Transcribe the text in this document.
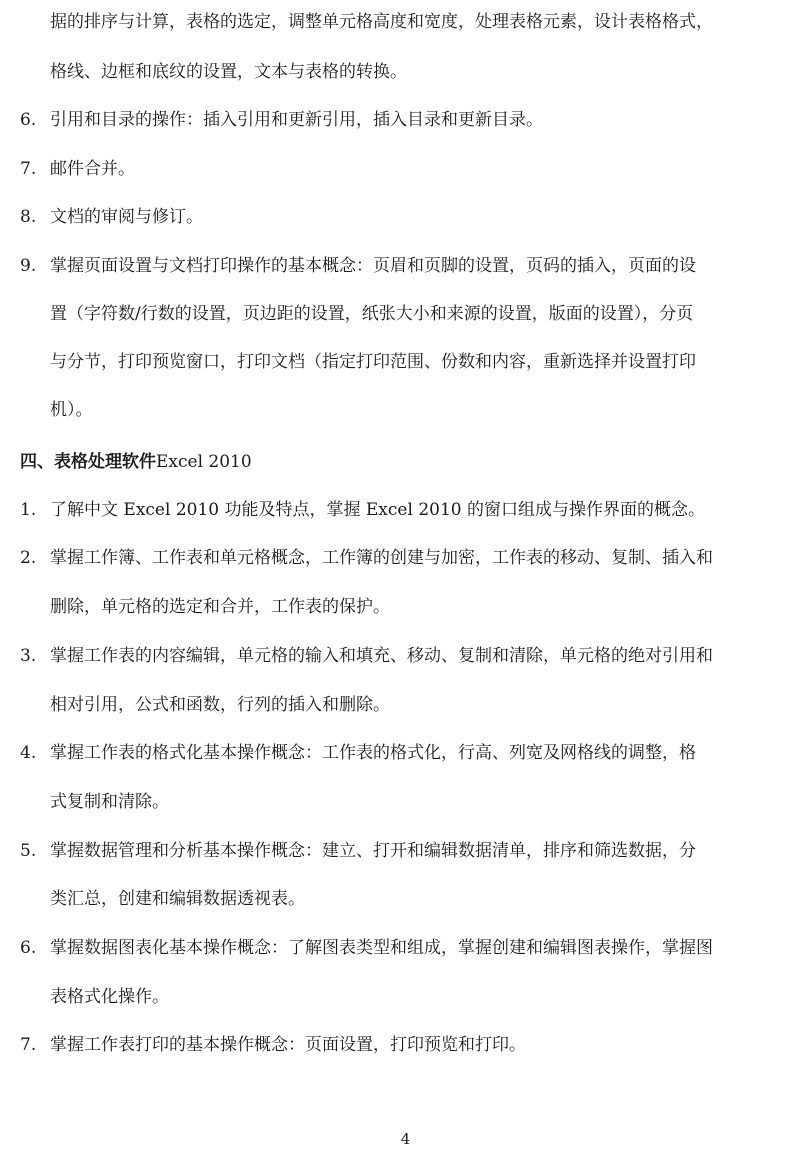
据的排序与计算，表格的选定，调整单元格高度和宽度，处理表格元素，设计表格格式，
格线、边框和底纹的设置，文本与表格的转换。
6. 引用和目录的操作：插入引用和更新引用，插入目录和更新目录。
7. 邮件合并。
8. 文档的审阅与修订。
9. 掌握页面设置与文档打印操作的基本概念：页眉和页脚的设置，页码的插入，页面的设
置（字符数/行数的设置，页边距的设置，纸张大小和来源的设置，版面的设置），分页
与分节，打印预览窗口，打印文档（指定打印范围、份数和内容，重新选择并设置打印
机）。
四、表格处理软件Excel 2010
1. 了解中文 Excel 2010 功能及特点，掌握 Excel 2010 的窗口组成与操作界面的概念。
2. 掌握工作簿、工作表和单元格概念，工作簿的创建与加密，工作表的移动、复制、插入和
删除，单元格的选定和合并，工作表的保护。
3. 掌握工作表的内容编辑，单元格的输入和填充、移动、复制和清除，单元格的绝对引用和
相对引用，公式和函数，行列的插入和删除。
4. 掌握工作表的格式化基本操作概念：工作表的格式化，行高、列宽及网格线的调整，格
式复制和清除。
5. 掌握数据管理和分析基本操作概念：建立、打开和编辑数据清单，排序和筛选数据，分
类汇总，创建和编辑数据透视表。
6. 掌握数据图表化基本操作概念：了解图表类型和组成，掌握创建和编辑图表操作，掌握图
表格式化操作。
7. 掌握工作表打印的基本操作概念：页面设置，打印预览和打印。
4
